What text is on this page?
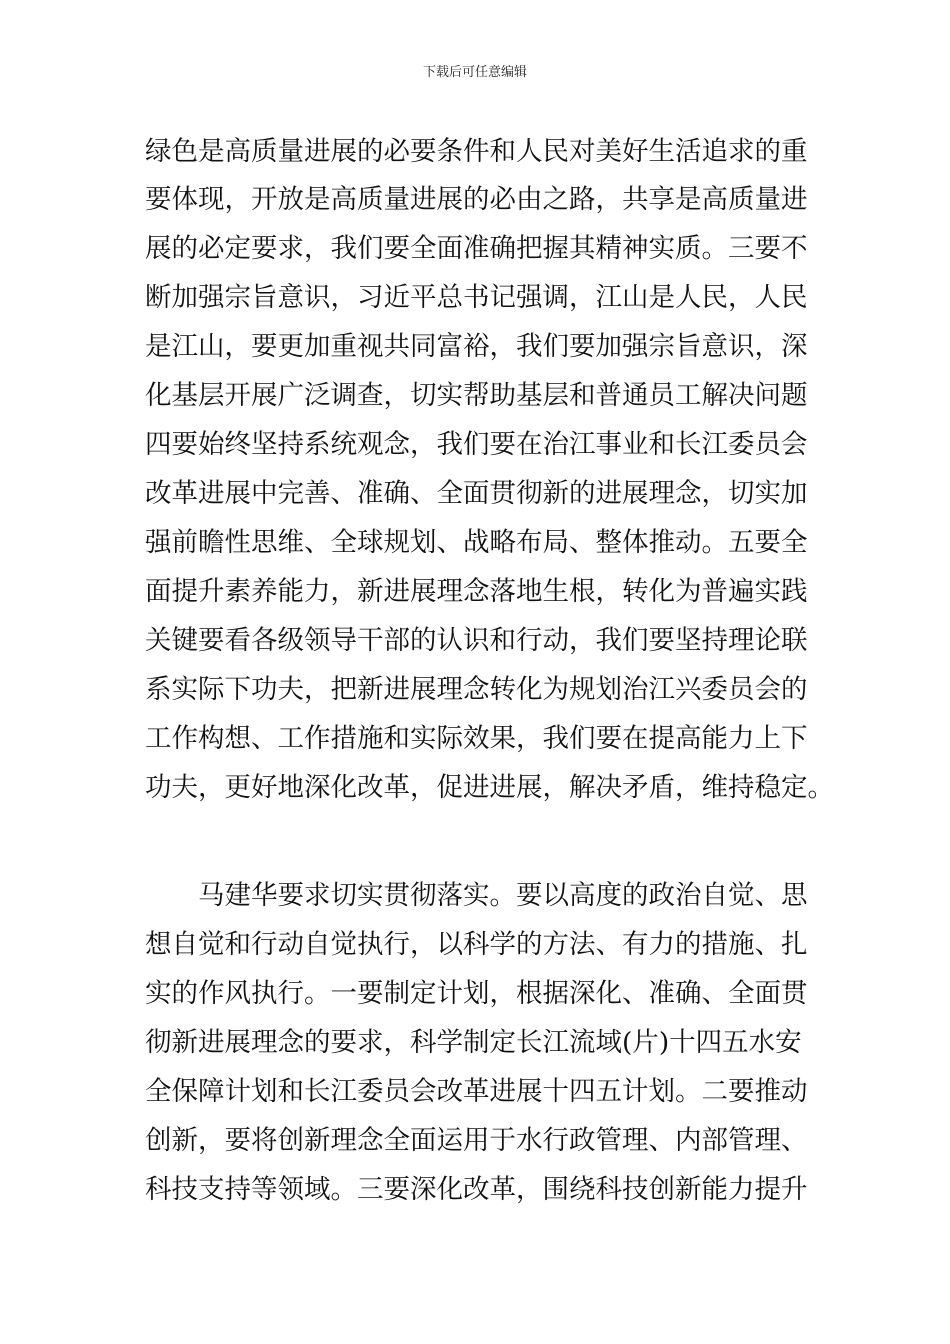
下载后可任意编辑
绿色是高质量进展的必要条件和人民对美好生活追求的重
要体现，开放是高质量进展的必由之路，共享是高质量进
展的必定要求，我们要全面准确把握其精神实质。三要不
断加强宗旨意识，习近平总书记强调，江山是人民，人民
是江山，要更加重视共同富裕，我们要加强宗旨意识，深
化基层开展广泛调查，切实帮助基层和普通员工解决问题
四要始终坚持系统观念，我们要在治江事业和长江委员会
改革进展中完善、准确、全面贯彻新的进展理念，切实加
强前瞻性思维、全球规划、战略布局、整体推动。五要全
面提升素养能力，新进展理念落地生根，转化为普遍实践
关键要看各级领导干部的认识和行动，我们要坚持理论联
系实际下功夫，把新进展理念转化为规划治江兴委员会的
工作构想、工作措施和实际效果，我们要在提高能力上下
功夫，更好地深化改革，促进进展，解决矛盾，维持稳定。
马建华要求切实贯彻落实。要以高度的政治自觉、思
想自觉和行动自觉执行，以科学的方法、有力的措施、扎
实的作风执行。一要制定计划，根据深化、准确、全面贯
彻新进展理念的要求，科学制定长江流域(片)十四五水安
全保障计划和长江委员会改革进展十四五计划。二要推动
创新，要将创新理念全面运用于水行政管理、内部管理、
科技支持等领域。三要深化改革，围绕科技创新能力提升
